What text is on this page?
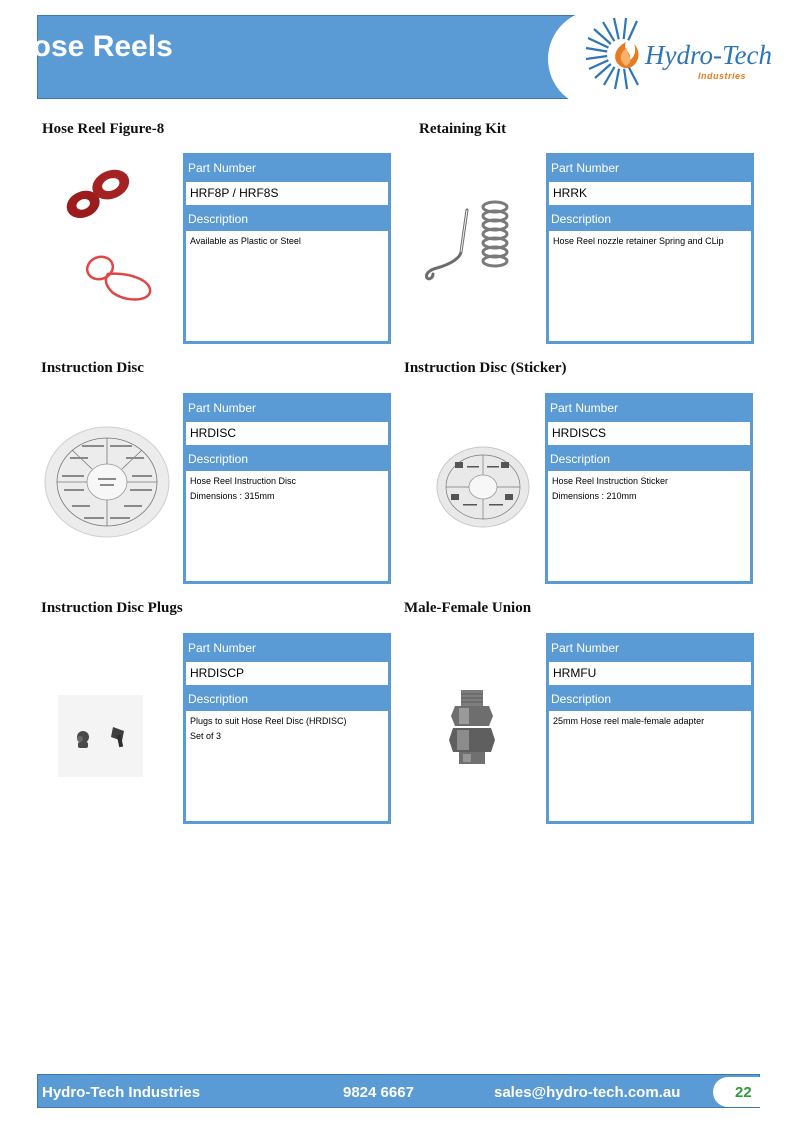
Hose Reels	Hydro-Tech
Industries
Hose Reel Figure-8
Part Number
HRF8P / HRF8S
Description
Available as Plastic or Steel
Retaining Kit
Part Number
HRRK
Description
Hose Reel nozzle retainer Spring and CLip
Instruction Disc
Part Number
HRDISC
Description
Hose Reel Instruction Disc
Dimensions : 315mm
Instruction Disc (Sticker)
Part Number
HRDISCS
Description
Hose Reel Instruction Sticker
Dimensions : 210mm
Instruction Disc Plugs
Part Number
HRDISCP
Description
Plugs to suit Hose Reel Disc (HRDISC)
Set of 3
Male-Female Union
Part Number
HRMFU
Description
25mm Hose reel male-female adapter
Hydro-Tech Industries	9824 6667	sales@hydro-tech.com.au	22
